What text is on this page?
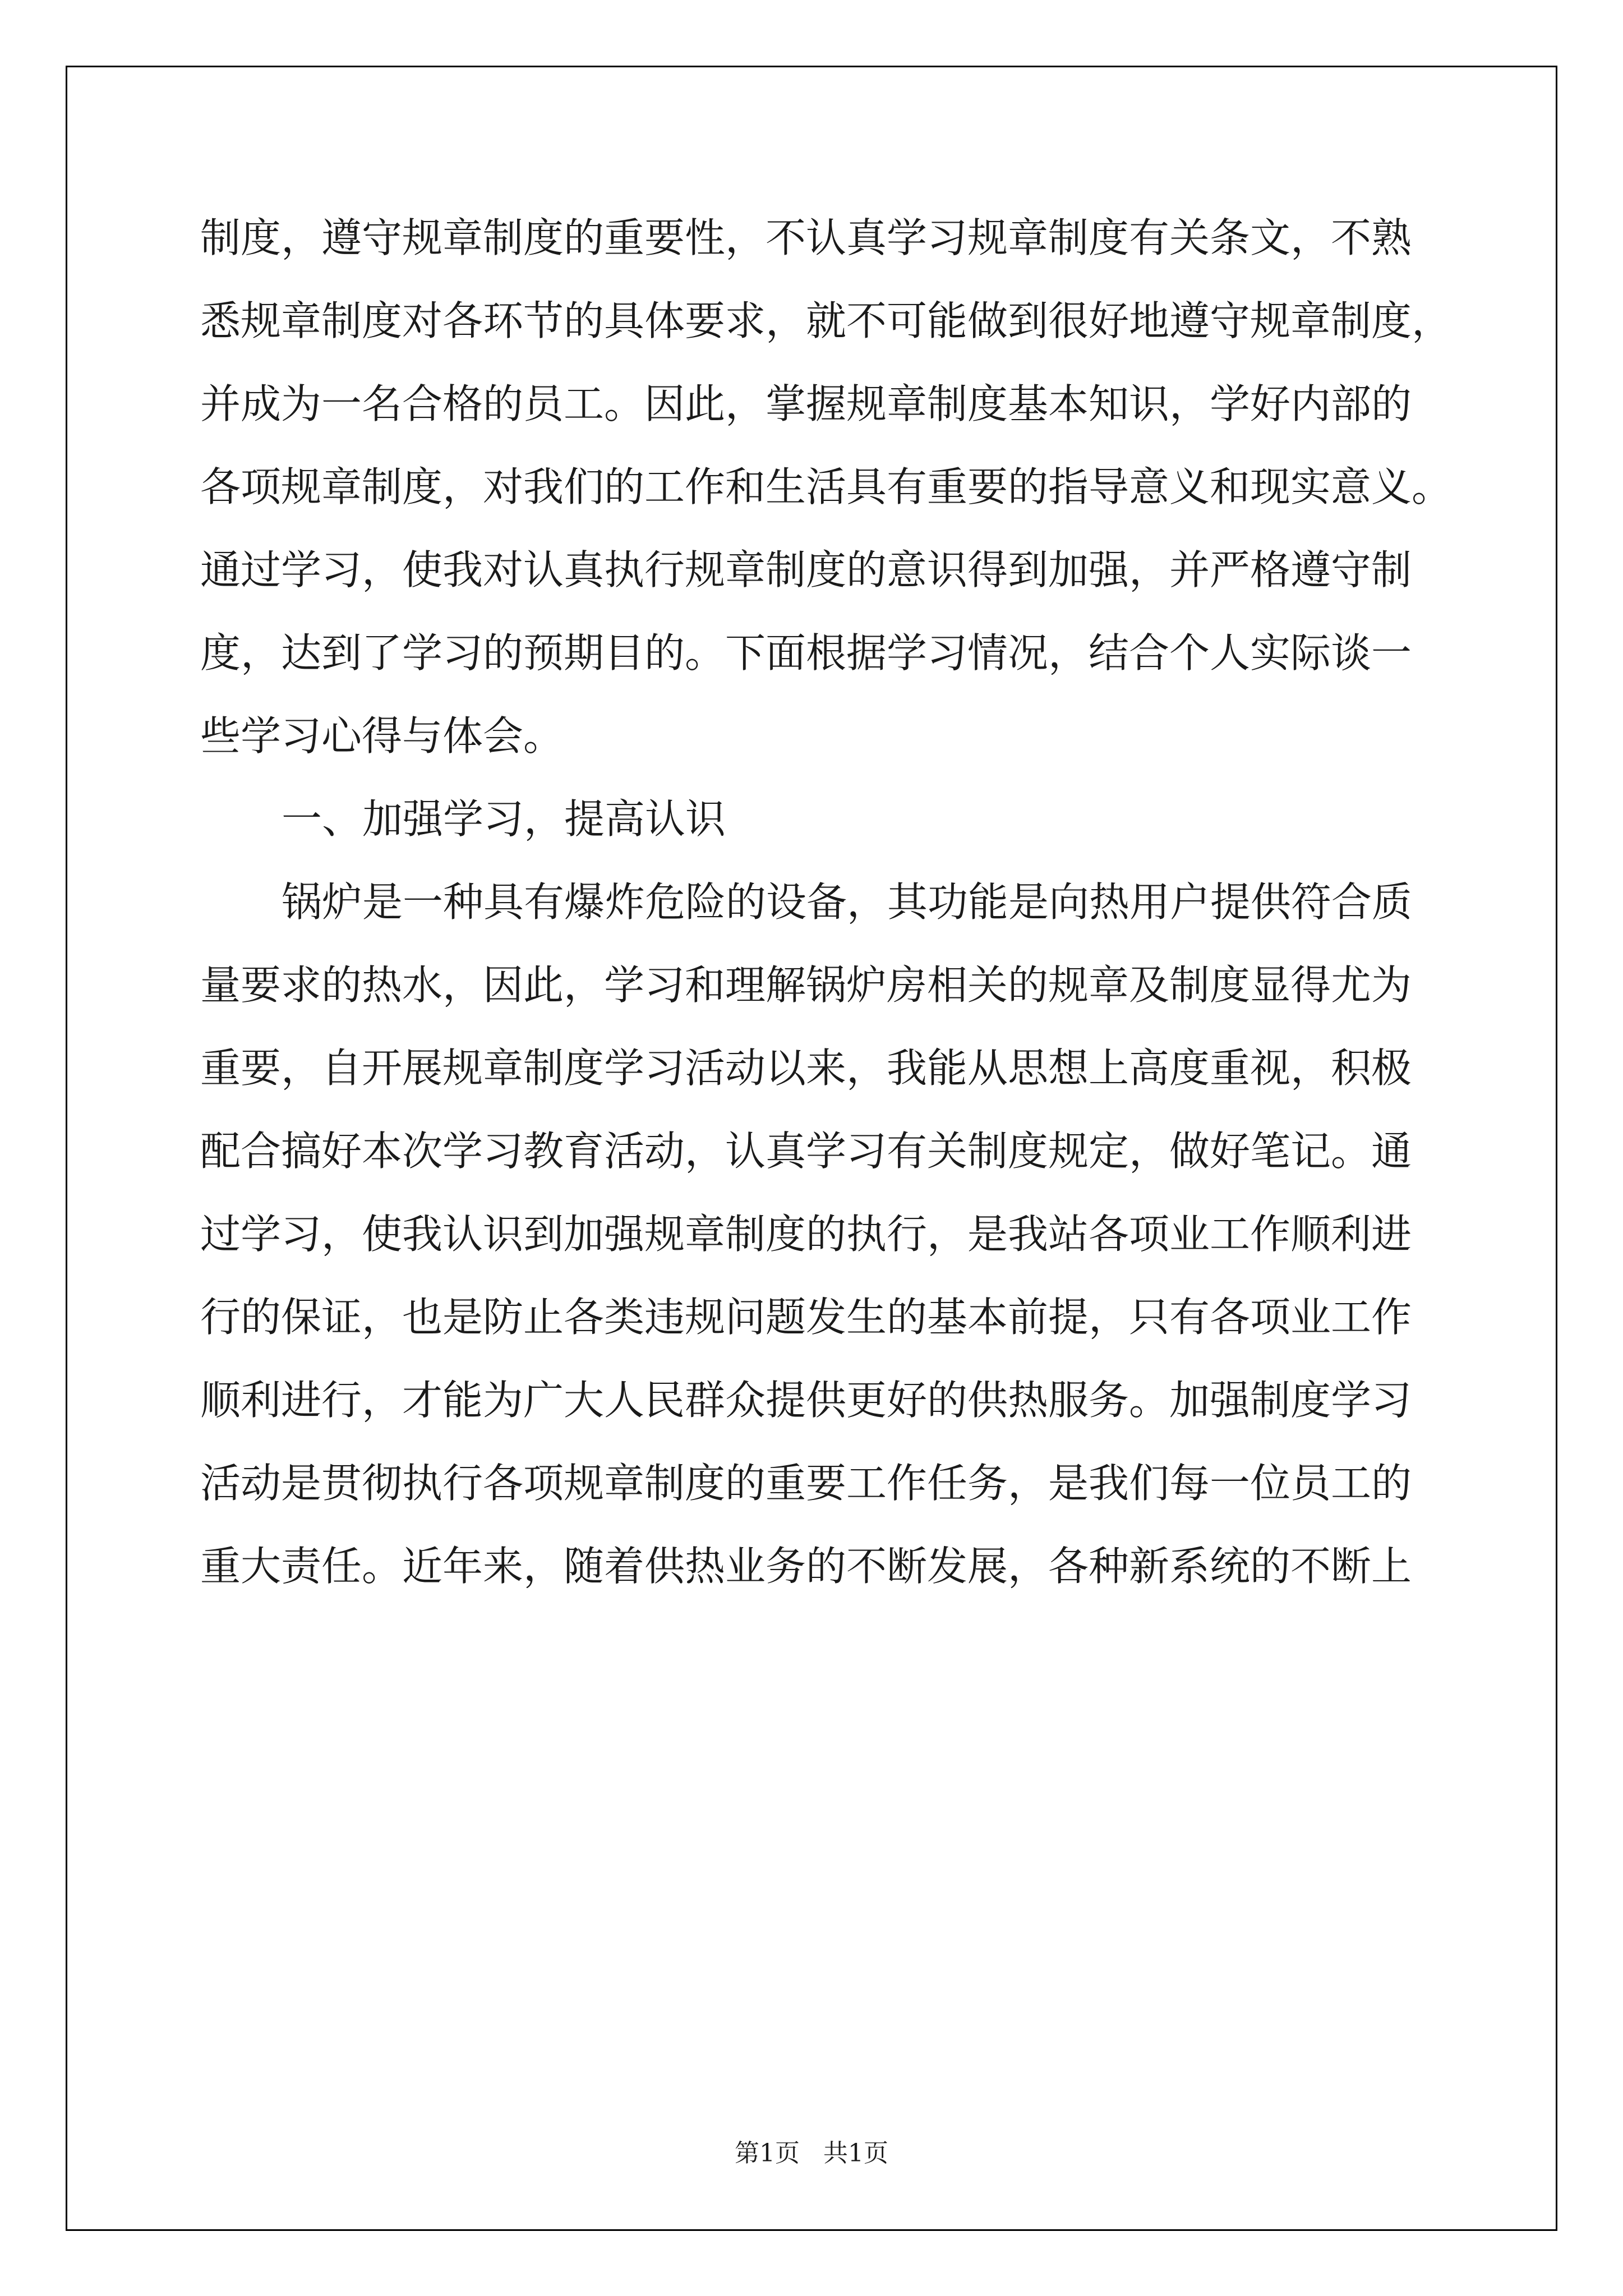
制度，遵守规章制度的重要性，不认真学习规章制度有关条文，不熟

悉规章制度对各环节的具体要求，就不可能做到很好地遵守规章制度，

并成为一名合格的员工。因此，掌握规章制度基本知识，学好内部的

各项规章制度，对我们的工作和生活具有重要的指导意义和现实意义。

通过学习，使我对认真执行规章制度的意识得到加强，并严格遵守制

度，达到了学习的预期目的。下面根据学习情况，结合个人实际谈一

些学习心得与体会。

一、加强学习，提高认识

锅炉是一种具有爆炸危险的设备，其功能是向热用户提供符合质

量要求的热水，因此，学习和理解锅炉房相关的规章及制度显得尤为

重要，自开展规章制度学习活动以来，我能从思想上高度重视，积极

配合搞好本次学习教育活动，认真学习有关制度规定，做好笔记。通

过学习，使我认识到加强规章制度的执行，是我站各项业工作顺利进

行的保证，也是防止各类违规问题发生的基本前提，只有各项业工作

顺利进行，才能为广大人民群众提供更好的供热服务。加强制度学习

活动是贯彻执行各项规章制度的重要工作任务，是我们每一位员工的

重大责任。近年来，随着供热业务的不断发展，各种新系统的不断上

第1页   共1页
